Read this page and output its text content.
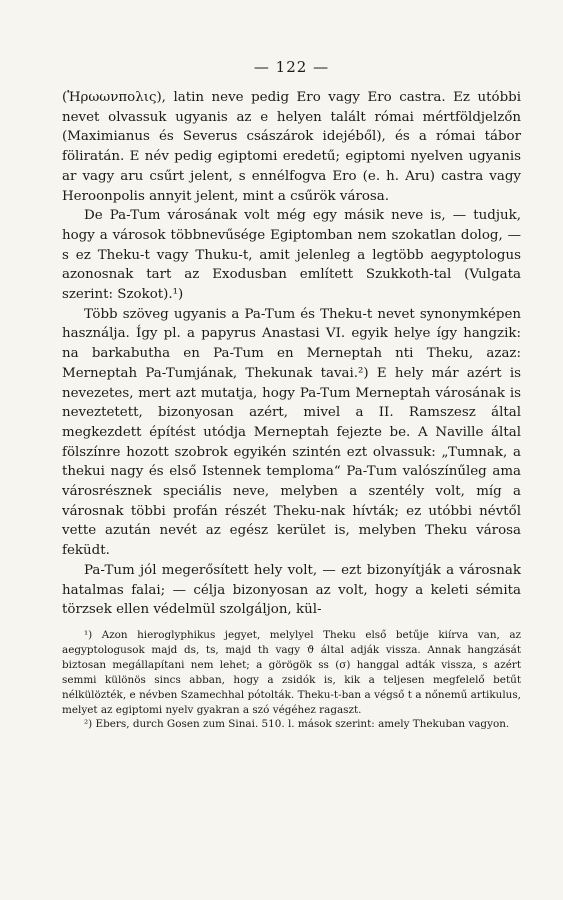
— 122 —

(Ἡρωωνπολις), latin neve pedig Ero vagy Ero castra. Ez utóbbi nevet olvassuk ugyanis az e helyen talált római mértföldjelzőn (Maximianus és Severus császárok idejéből), és a római tábor föliratán. E név pedig egiptomi eredetű; egiptomi nyelven ugyanis ar vagy aru csűrt jelent, s ennélfogva Ero (e. h. Aru) castra vagy Heroonpolis annyit jelent, mint a csűrök városa.

De Pa-Tum városának volt még egy másik neve is, — tudjuk, hogy a városok többnevűsége Egiptomban nem szokatlan dolog, — s ez Theku-t vagy Thuku-t, amit jelenleg a legtöbb aegyptologus azonosnak tart az Exodusban említett Szukkoth-tal (Vulgata szerint: Szokot).¹)

Több szöveg ugyanis a Pa-Tum és Theku-t nevet synonymképen használja. Így pl. a papyrus Anastasi VI. egyik helye így hangzik: na barkabutha en Pa-Tum en Merneptah nti Theku, azaz: Merneptah Pa-Tumjának, Thekunak tavai.²) E hely már azért is nevezetes, mert azt mutatja, hogy Pa-Tum Merneptah városának is neveztetett, bizonyosan azért, mivel a II. Ramszesz által megkezdett építést utódja Merneptah fejezte be. A Naville által fölszínre hozott szobrok egyikén szintén ezt olvassuk: „Tumnak, a thekui nagy és első Istennek temploma“ Pa-Tum valószínűleg ama városrésznek speciális neve, melyben a szentély volt, míg a városnak többi profán részét Theku-nak hívták; ez utóbbi névtől vette azután nevét az egész kerület is, melyben Theku városa feküdt.

Pa-Tum jól megerősített hely volt, — ezt bizonyítják a városnak hatalmas falai; — célja bizonyosan az volt, hogy a keleti sémita törzsek ellen védelmül szolgáljon, kül-

¹) Azon hieroglyphikus jegyet, melylyel Theku első betűje kiírva van, az aegyptologusok majd ds, ts, majd th vagy ϑ által adják vissza. Annak hangzását biztosan megállapítani nem lehet; a görögök ss (σ) hanggal adták vissza, s azért semmi különös sincs abban, hogy a zsidók is, kik a teljesen megfelelő betűt nélkülözték, e névben Szamechhal pótolták. Theku-t-ban a végső t a nőnemű artikulus, melyet az egiptomi nyelv gyakran a szó végéhez ragaszt.

²) Ebers, durch Gosen zum Sinai. 510. l. mások szerint: amely Thekuban vagyon.
